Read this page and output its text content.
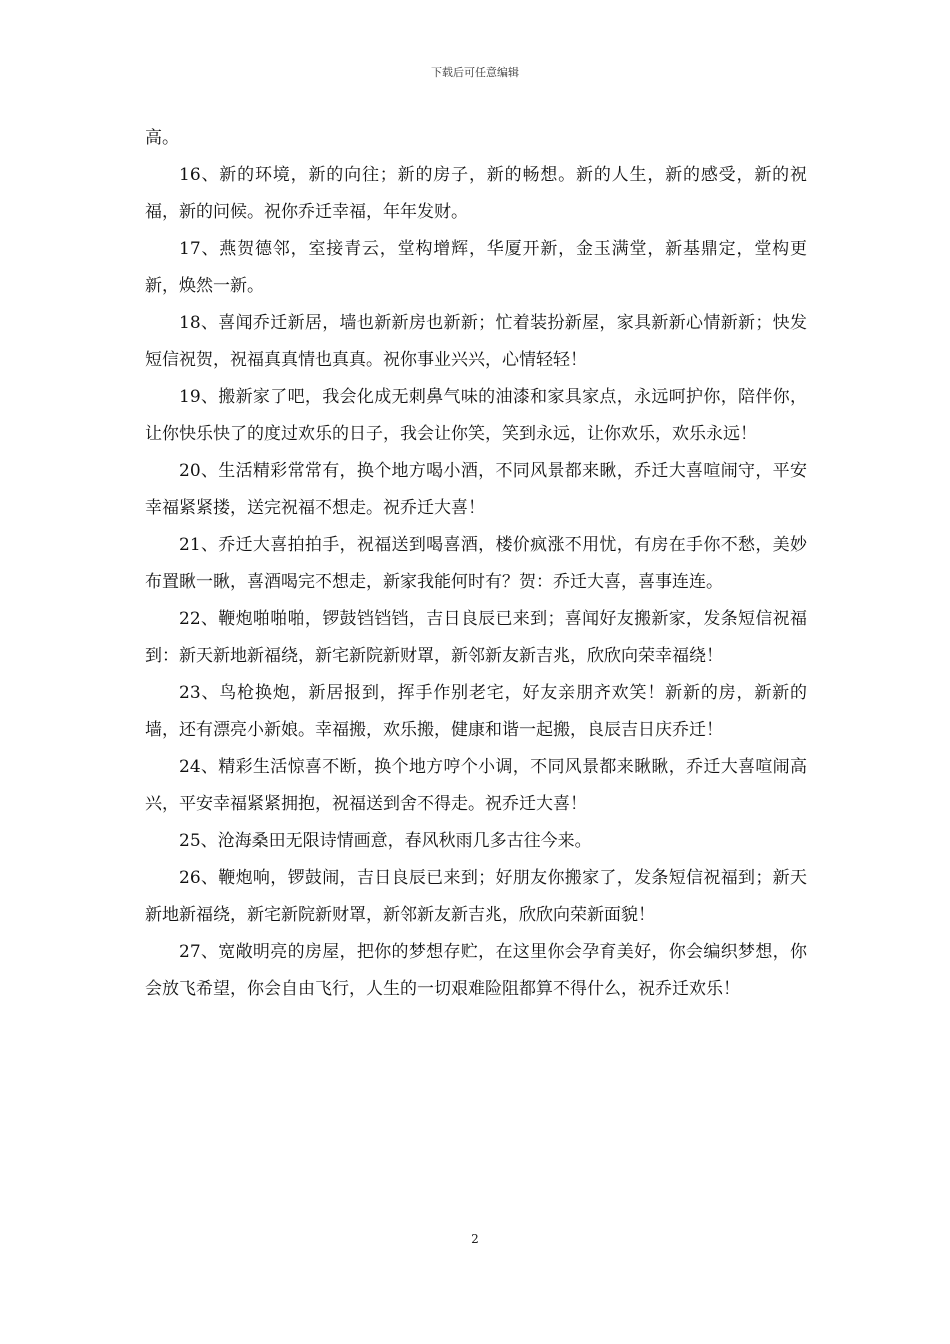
下载后可任意编辑

高。

16、新的环境，新的向往；新的房子，新的畅想。新的人生，新的感受，新的祝福，新的问候。祝你乔迁幸福，年年发财。

17、燕贺德邻，室接青云，堂构增辉，华厦开新，金玉满堂，新基鼎定，堂构更新，焕然一新。

18、喜闻乔迁新居，墙也新新房也新新；忙着装扮新屋，家具新新心情新新；快发短信祝贺，祝福真真情也真真。祝你事业兴兴，心情轻轻！

19、搬新家了吧，我会化成无刺鼻气味的油漆和家具家点，永远呵护你，陪伴你，让你快乐快了的度过欢乐的日子，我会让你笑，笑到永远，让你欢乐，欢乐永远！

20、生活精彩常常有，换个地方喝小酒，不同风景都来瞅，乔迁大喜喧闹守，平安幸福紧紧搂，送完祝福不想走。祝乔迁大喜！

21、乔迁大喜拍拍手，祝福送到喝喜酒，楼价疯涨不用忧，有房在手你不愁，美妙布置瞅一瞅，喜酒喝完不想走，新家我能何时有？贺：乔迁大喜，喜事连连。

22、鞭炮啪啪啪，锣鼓铛铛铛，吉日良辰已来到；喜闻好友搬新家，发条短信祝福到：新天新地新福绕，新宅新院新财罩，新邻新友新吉兆，欣欣向荣幸福绕！

23、鸟枪换炮，新居报到，挥手作别老宅，好友亲朋齐欢笑！新新的房，新新的墙，还有漂亮小新娘。幸福搬，欢乐搬，健康和谐一起搬，良辰吉日庆乔迁！

24、精彩生活惊喜不断，换个地方哼个小调，不同风景都来瞅瞅，乔迁大喜喧闹高兴，平安幸福紧紧拥抱，祝福送到舍不得走。祝乔迁大喜！

25、沧海桑田无限诗情画意，春风秋雨几多古往今来。

26、鞭炮响，锣鼓闹，吉日良辰已来到；好朋友你搬家了，发条短信祝福到；新天新地新福绕，新宅新院新财罩，新邻新友新吉兆，欣欣向荣新面貌！

27、宽敞明亮的房屋，把你的梦想存贮，在这里你会孕育美好，你会编织梦想，你会放飞希望，你会自由飞行，人生的一切艰难险阻都算不得什么，祝乔迁欢乐！

2
